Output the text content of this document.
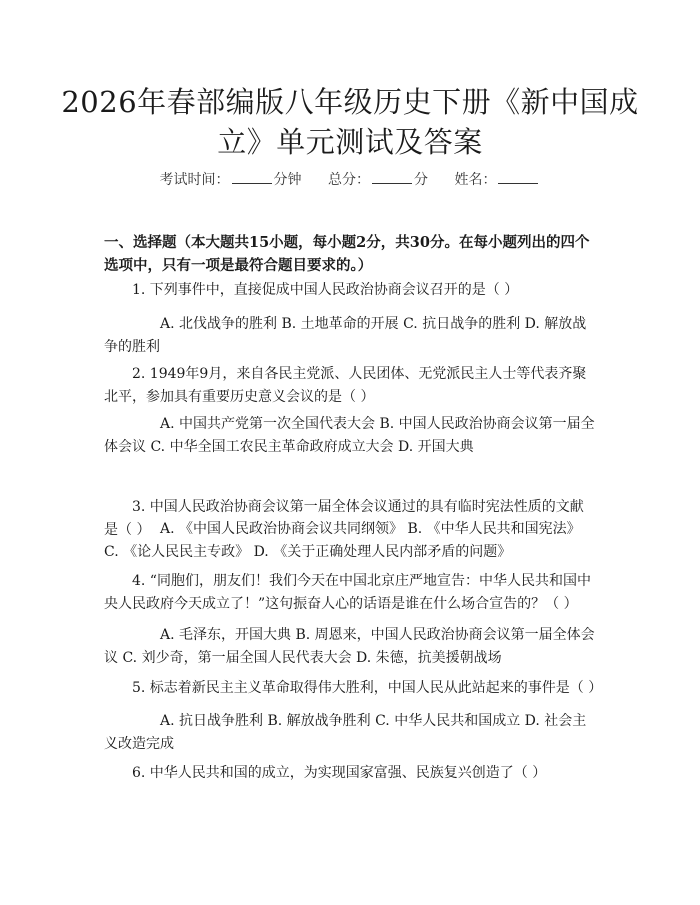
2026年春部编版八年级历史下册《新中国成立》单元测试及答案
考试时间：	分钟 总分：	分 姓名：
一、选择题（本大题共15小题，每小题2分，共30分。在每小题列出的四个选项中，只有一项是最符合题目要求的。）
1. 下列事件中，直接促成中国人民政治协商会议召开的是（ ）
A. 北伐战争的胜利 B. 土地革命的开展 C. 抗日战争的胜利 D. 解放战争的胜利
2. 1949年9月，来自各民主党派、人民团体、无党派民主人士等代表齐聚北平，参加具有重要历史意义会议的是（ ）
A. 中国共产党第一次全国代表大会 B. 中国人民政治协商会议第一届全体会议 C. 中华全国工农民主革命政府成立大会 D. 开国大典
3. 中国人民政治协商会议第一届全体会议通过的具有临时宪法性质的文献是（ ） A. 《中国人民政治协商会议共同纲领》 B. 《中华人民共和国宪法》 C. 《论人民民主专政》 D. 《关于正确处理人民内部矛盾的问题》
4. “同胞们，朋友们！我们今天在中国北京庄严地宣告：中华人民共和国中央人民政府今天成立了！”这句振奋人心的话语是谁在什么场合宣告的？（ ）
A. 毛泽东，开国大典 B. 周恩来，中国人民政治协商会议第一届全体会议 C. 刘少奇，第一届全国人民代表大会 D. 朱德，抗美援朝战场
5. 标志着新民主主义革命取得伟大胜利，中国人民从此站起来的事件是（ ）
A. 抗日战争胜利 B. 解放战争胜利 C. 中华人民共和国成立 D. 社会主义改造完成
6. 中华人民共和国的成立，为实现国家富强、民族复兴创造了（ ）
